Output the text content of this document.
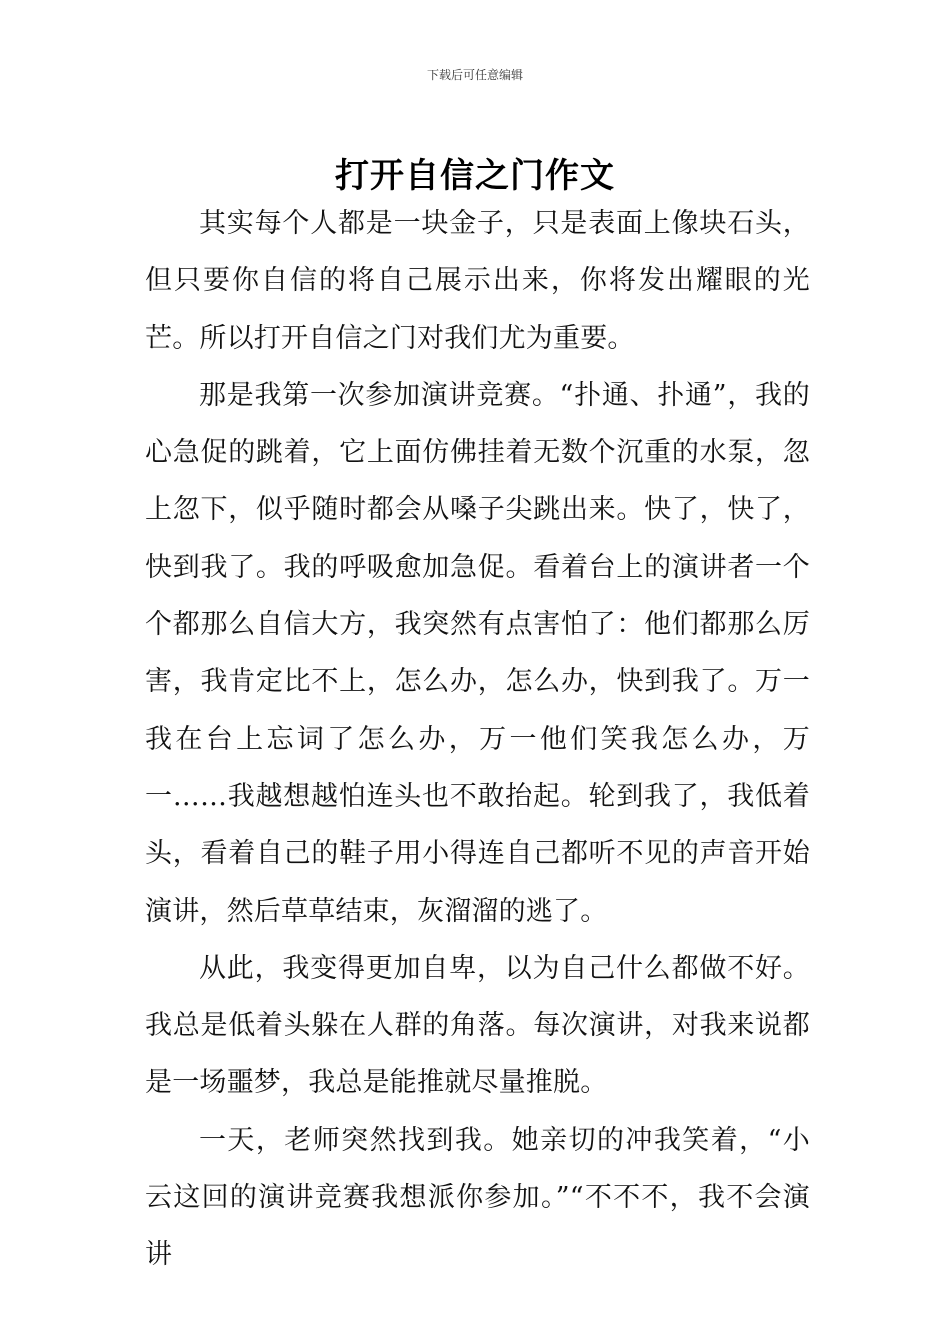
下载后可任意编辑
打开自信之门作文

其实每个人都是一块金子，只是表面上像块石头，但只要你自信的将自己展示出来，你将发出耀眼的光芒。所以打开自信之门对我们尤为重要。

那是我第一次参加演讲竞赛。“扑通、扑通”，我的心急促的跳着，它上面仿佛挂着无数个沉重的水泵，忽上忽下，似乎随时都会从嗓子尖跳出来。快了，快了，快到我了。我的呼吸愈加急促。看着台上的演讲者一个个都那么自信大方，我突然有点害怕了：他们都那么厉害，我肯定比不上，怎么办，怎么办，快到我了。万一我在台上忘词了怎么办，万一他们笑我怎么办，万一……我越想越怕连头也不敢抬起。轮到我了，我低着头，看着自己的鞋子用小得连自己都听不见的声音开始演讲，然后草草结束，灰溜溜的逃了。

从此，我变得更加自卑，以为自己什么都做不好。我总是低着头躲在人群的角落。每次演讲，对我来说都是一场噩梦，我总是能推就尽量推脱。

一天，老师突然找到我。她亲切的冲我笑着，“小云这回的演讲竞赛我想派你参加。”“不不不，我不会演讲
